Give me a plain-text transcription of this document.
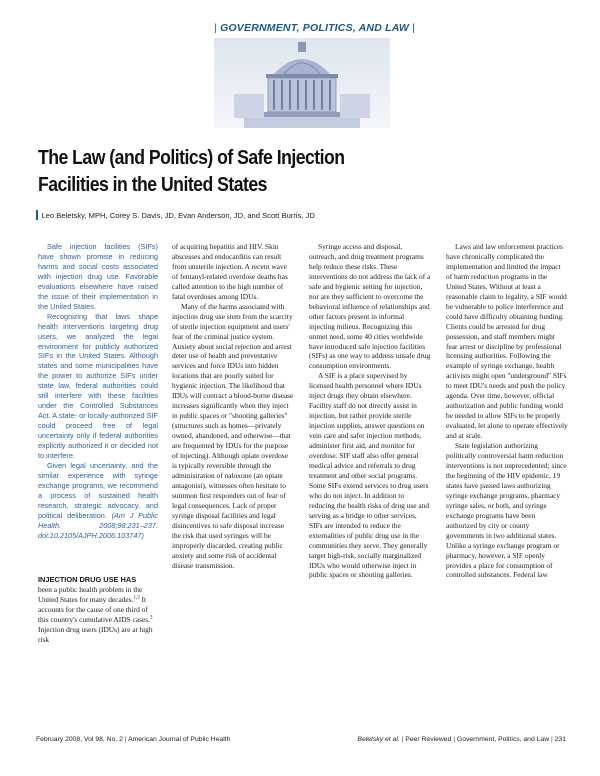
| GOVERNMENT, POLITICS, AND LAW |
The Law (and Politics) of Safe Injection Facilities in the United States
Leo Beletsky, MPH, Corey S. Davis, JD, Evan Anderson, JD, and Scott Burris, JD

Safe injection facilities (SIFs) have shown promise in reducing harms and social costs associated with injection drug use. Favorable evaluations elsewhere have raised the issue of their implementation in the United States.

Recognizing that laws shape health interventions targeting drug users, we analyzed the legal environment for publicly authorized SIFs in the United States. Although states and some municipalities have the power to authorize SIFs under state law, federal authorities could still interfere with these facilities under the Controlled Substances Act. A state- or locally-authorized SIF could proceed free of legal uncertainty only if federal authorities explicitly authorized it or decided not to interfere.

Given legal uncertainty, and the similar experience with syringe exchange programs, we recommend a process of sustained health research, strategic advocacy, and political deliberation. (Am J Public Health. 2008;98:231–237. doi:10.2105/AJPH.2006.103747)

INJECTION DRUG USE HAS
been a public health problem in the United States for many decades.$^{1,2}$ It accounts for the cause of one third of this country's cumulative AIDS cases.$^3$ Injection drug users (IDUs) are at high risk

of acquiring hepatitis and HIV. Skin abscesses and endocarditis can result from unsterile injection. A recent wave of fentanyl-related overdose deaths has called attention to the high number of fatal overdoses among IDUs.

Many of the harms associated with injection drug use stem from the scarcity of sterile injection equipment and users' fear of the criminal justice system. Anxiety about social rejection and arrest deter use of health and preventative services and force IDUs into hidden locations that are poorly suited for hygienic injection. The likelihood that IDUs will contract a blood-borne disease increases significantly when they inject in public spaces or "shooting galleries" (structures such as homes—privately owned, abandoned, and otherwise—that are frequented by IDUs for the purpose of injecting). Although opiate overdose is typically reversible through the administration of naloxone (an opiate antagonist), witnesses often hesitate to summon first responders out of fear of legal consequences. Lack of proper syringe disposal facilities and legal disincentives to safe disposal increase the risk that used syringes will be improperly discarded, creating public anxiety and some risk of accidental disease transmission.

Syringe access and disposal, outreach, and drug treatment programs help reduce these risks. These interventions do not address the lack of a safe and hygienic setting for injection, nor are they sufficient to overcome the behavioral influence of relationships and other factors present in informal injecting milieus. Recognizing this unmet need, some 40 cities worldwide have introduced safe injection facilities (SIFs) as one way to address unsafe drug consumption environments.

A SIF is a place supervised by licensed health personnel where IDUs inject drugs they obtain elsewhere. Facility staff do not directly assist in injection, but rather provide sterile injection supplies, answer questions on vein care and safer injection methods, administer first aid, and monitor for overdose. SIF staff also offer general medical advice and referrals to drug treatment and other social programs. Some SIFs extend services to drug users who do not inject. In addition to reducing the health risks of drug use and serving as a bridge to other services, SIFs are intended to reduce the externalities of public drug use in the communities they serve. They generally target high-risk, socially marginalized IDUs who would otherwise inject in public spaces or shooting galleries.

Laws and law enforcement practices have chronically complicated the implementation and limited the impact of harm reduction programs in the United States. Without at least a reasonable claim to legality, a SIF would be vulnerable to police interference and could have difficulty obtaining funding. Clients could be arrested for drug possession, and staff members might fear arrest or discipline by professional licensing authorities. Following the example of syringe exchange, health activists might open "underground" SIFs to meet IDU's needs and push the policy agenda. Over time, however, official authorization and public funding would be needed to allow SIFs to be properly evaluated, let alone to operate effectively and at scale.

State legislation authorizing politically controversial harm reduction interventions is not unprecedented; since the beginning of the HIV epidemic, 19 states have passed laws authorizing syringe exchange programs, pharmacy syringe sales, or both, and syringe exchange programs have been authorized by city or county governments in two additional states. Unlike a syringe exchange program or pharmacy, however, a SIF openly provides a place for consumption of controlled substances. Federal law

February 2008, Vol 98, No. 2 | American Journal of Public Health	Beletsky et al. | Peer Reviewed | Government, Politics, and Law | 231
